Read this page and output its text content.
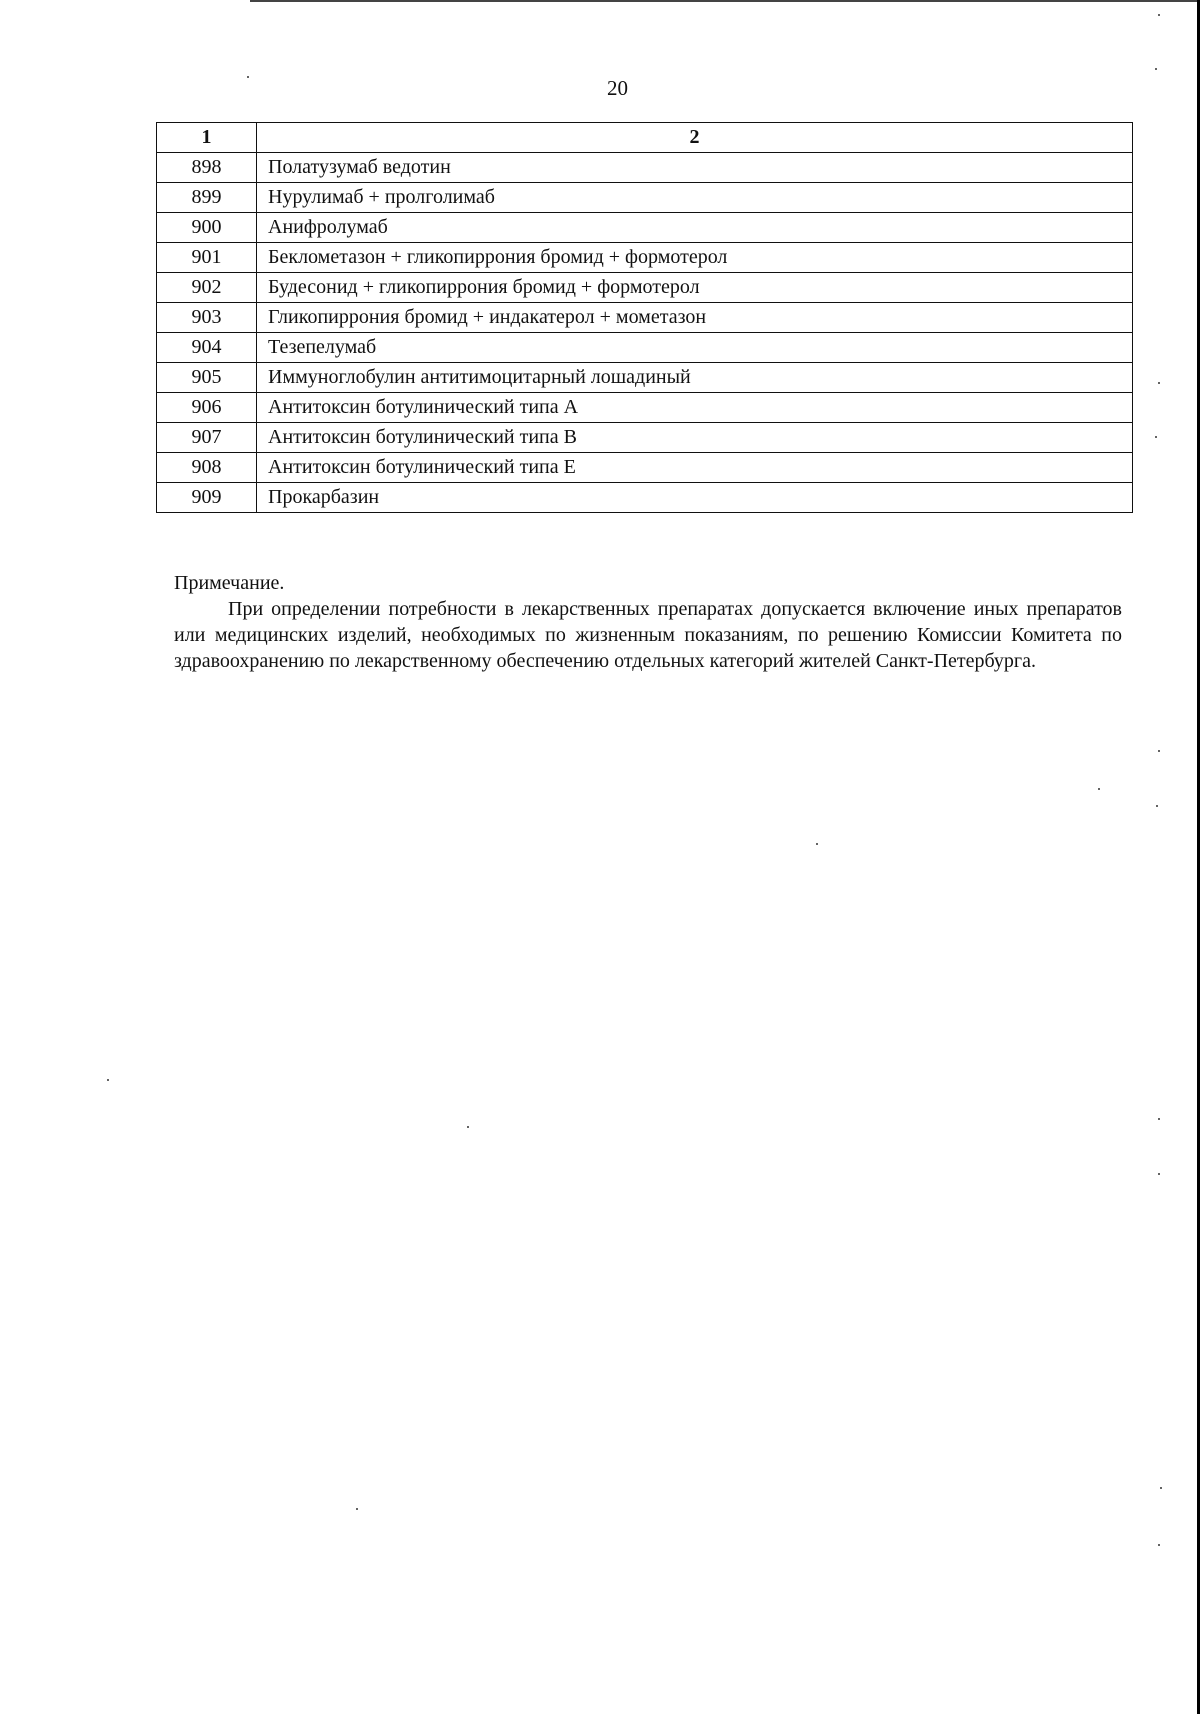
20
1	2
898	Полатузумаб ведотин
899	Нурулимаб + пролголимаб
900	Анифролумаб
901	Беклометазон + гликопиррония бромид + формотерол
902	Будесонид + гликопиррония бромид + формотерол
903	Гликопиррония бромид + индакатерол + мометазон
904	Тезепелумаб
905	Иммуноглобулин антитимоцитарный лошадиный
906	Антитоксин ботулинический типа А
907	Антитоксин ботулинический типа В
908	Антитоксин ботулинический типа Е
909	Прокарбазин

Примечание.

При определении потребности в лекарственных препаратах допускается включение иных препаратов или медицинских изделий, необходимых по жизненным показаниям, по решению Комиссии Комитета по здравоохранению по лекарственному обеспечению отдельных категорий жителей Санкт-Петербурга.
